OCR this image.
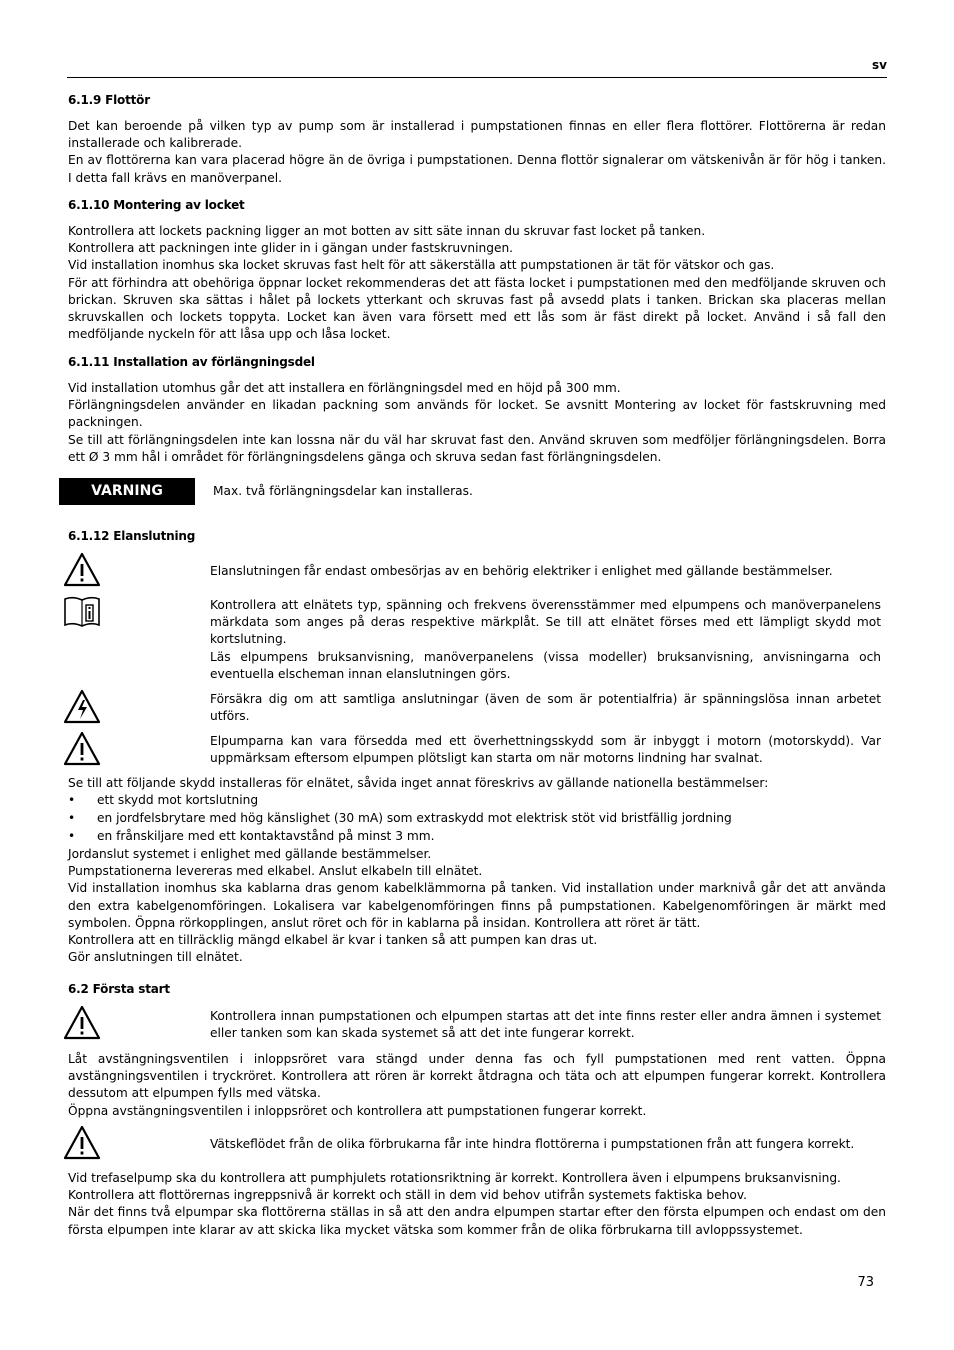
sv
6.1.9 Flottör
Det kan beroende på vilken typ av pump som är installerad i pumpstationen finnas en eller flera flottörer. Flottörerna är redan installerade och kalibrerade.
En av flottörerna kan vara placerad högre än de övriga i pumpstationen. Denna flottör signalerar om vätskenivån är för hög i tanken. I detta fall krävs en manöverpanel.
6.1.10 Montering av locket
Kontrollera att lockets packning ligger an mot botten av sitt säte innan du skruvar fast locket på tanken.
Kontrollera att packningen inte glider in i gängan under fastskruvningen.
Vid installation inomhus ska locket skruvas fast helt för att säkerställa att pumpstationen är tät för vätskor och gas.
För att förhindra att obehöriga öppnar locket rekommenderas det att fästa locket i pumpstationen med den medföljande skruven och brickan. Skruven ska sättas i hålet på lockets ytterkant och skruvas fast på avsedd plats i tanken. Brickan ska placeras mellan skruvskallen och lockets toppyta. Locket kan även vara försett med ett lås som är fäst direkt på locket. Använd i så fall den medföljande nyckeln för att låsa upp och låsa locket.
6.1.11 Installation av förlängningsdel
Vid installation utomhus går det att installera en förlängningsdel med en höjd på 300 mm.
Förlängningsdelen använder en likadan packning som används för locket. Se avsnitt Montering av locket för fastskruvning med packningen.
Se till att förlängningsdelen inte kan lossna när du väl har skruvat fast den. Använd skruven som medföljer förlängningsdelen. Borra ett Ø 3 mm hål i området för förlängningsdelens gänga och skruva sedan fast förlängningsdelen.
VARNING	Max. två förlängningsdelar kan installeras.
6.1.12 Elanslutning
Elanslutningen får endast ombesörjas av en behörig elektriker i enlighet med gällande bestämmelser.
Kontrollera att elnätets typ, spänning och frekvens överensstämmer med elpumpens och manöverpanelens märkdata som anges på deras respektive märkplåt. Se till att elnätet förses med ett lämpligt skydd mot kortslutning.
Läs elpumpens bruksanvisning, manöverpanelens (vissa modeller) bruksanvisning, anvisningarna och eventuella elscheman innan elanslutningen görs.
Försäkra dig om att samtliga anslutningar (även de som är potentialfria) är spänningslösa innan arbetet utförs.
Elpumparna kan vara försedda med ett överhettningsskydd som är inbyggt i motorn (motorskydd). Var uppmärksam eftersom elpumpen plötsligt kan starta om när motorns lindning har svalnat.
Se till att följande skydd installeras för elnätet, såvida inget annat föreskrivs av gällande nationella bestämmelser:
• ett skydd mot kortslutning
• en jordfelsbrytare med hög känslighet (30 mA) som extraskydd mot elektrisk stöt vid bristfällig jordning
• en frånskiljare med ett kontaktavstånd på minst 3 mm.
Jordanslut systemet i enlighet med gällande bestämmelser.
Pumpstationerna levereras med elkabel. Anslut elkabeln till elnätet.
Vid installation inomhus ska kablarna dras genom kabelklämmorna på tanken. Vid installation under marknivå går det att använda den extra kabelgenomföringen. Lokalisera var kabelgenomföringen finns på pumpstationen. Kabelgenomföringen är märkt med symbolen. Öppna rörkopplingen, anslut röret och för in kablarna på insidan. Kontrollera att röret är tätt.
Kontrollera att en tillräcklig mängd elkabel är kvar i tanken så att pumpen kan dras ut.
Gör anslutningen till elnätet.
6.2 Första start
Kontrollera innan pumpstationen och elpumpen startas att det inte finns rester eller andra ämnen i systemet eller tanken som kan skada systemet så att det inte fungerar korrekt.
Låt avstängningsventilen i inloppsröret vara stängd under denna fas och fyll pumpstationen med rent vatten. Öppna avstängningsventilen i tryckröret. Kontrollera att rören är korrekt åtdragna och täta och att elpumpen fungerar korrekt. Kontrollera dessutom att elpumpen fylls med vätska.
Öppna avstängningsventilen i inloppsröret och kontrollera att pumpstationen fungerar korrekt.
Vätskeflödet från de olika förbrukarna får inte hindra flottörerna i pumpstationen från att fungera korrekt.
Vid trefaselpump ska du kontrollera att pumphjulets rotationsriktning är korrekt. Kontrollera även i elpumpens bruksanvisning.
Kontrollera att flottörernas ingreppsnivå är korrekt och ställ in dem vid behov utifrån systemets faktiska behov.
När det finns två elpumpar ska flottörerna ställas in så att den andra elpumpen startar efter den första elpumpen och endast om den första elpumpen inte klarar av att skicka lika mycket vätska som kommer från de olika förbrukarna till avloppssystemet.
73
